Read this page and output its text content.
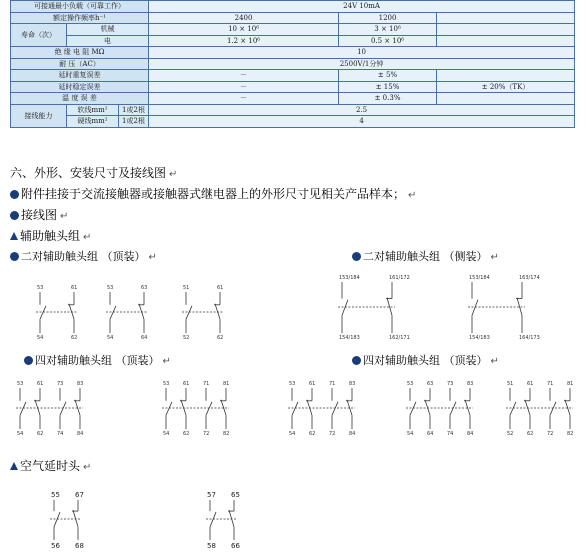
可接通最小负载（可靠工作）			24V 10mA		
额定操作频率h⁻¹			2400	1200	
寿命（次）	机械		10 × 10⁶	3 × 10⁶	
	电		1.2 × 10⁶	0.5 × 10⁶	
绝 缘 电 阻 MΩ			10		
耐 压（AC）			2500V/1分钟		
延时重复误差			－	± 5%	
延时稳定误差			－	± 15%	± 20%（TK）
温 度 误 差			－	± 0.3%	
接线能力	软线mm²	1或2根	2.5		
	硬线mm²	1或2根	4		
六、外形、安装尺寸及接线图 ↵
附件挂接于交流接触器或接触器式继电器上的外形尺寸见相关产品样本； ↵
接线图 ↵
辅助触头组 ↵
二对辅助触头组 （顶装） ↵	二对辅助触头组 （侧装） ↵
四对辅助触头组 （顶装） ↵	四对辅助触头组 （顶装） ↵
空气延时头 ↵
53
54
61
62
53
54
63
64
51
52
61
62
153/184
154/183
161/172
162/171
153/184
154/183
163/174
164/173
53
54
61
62
73
74
83
84
53
54
61
62
71
72
81
82
53
54
61
62
71
72
83
84
53
54
63
64
73
74
83
84
51
52
61
62
71
72
81
82
55
56
67
68
57
58
65
66
